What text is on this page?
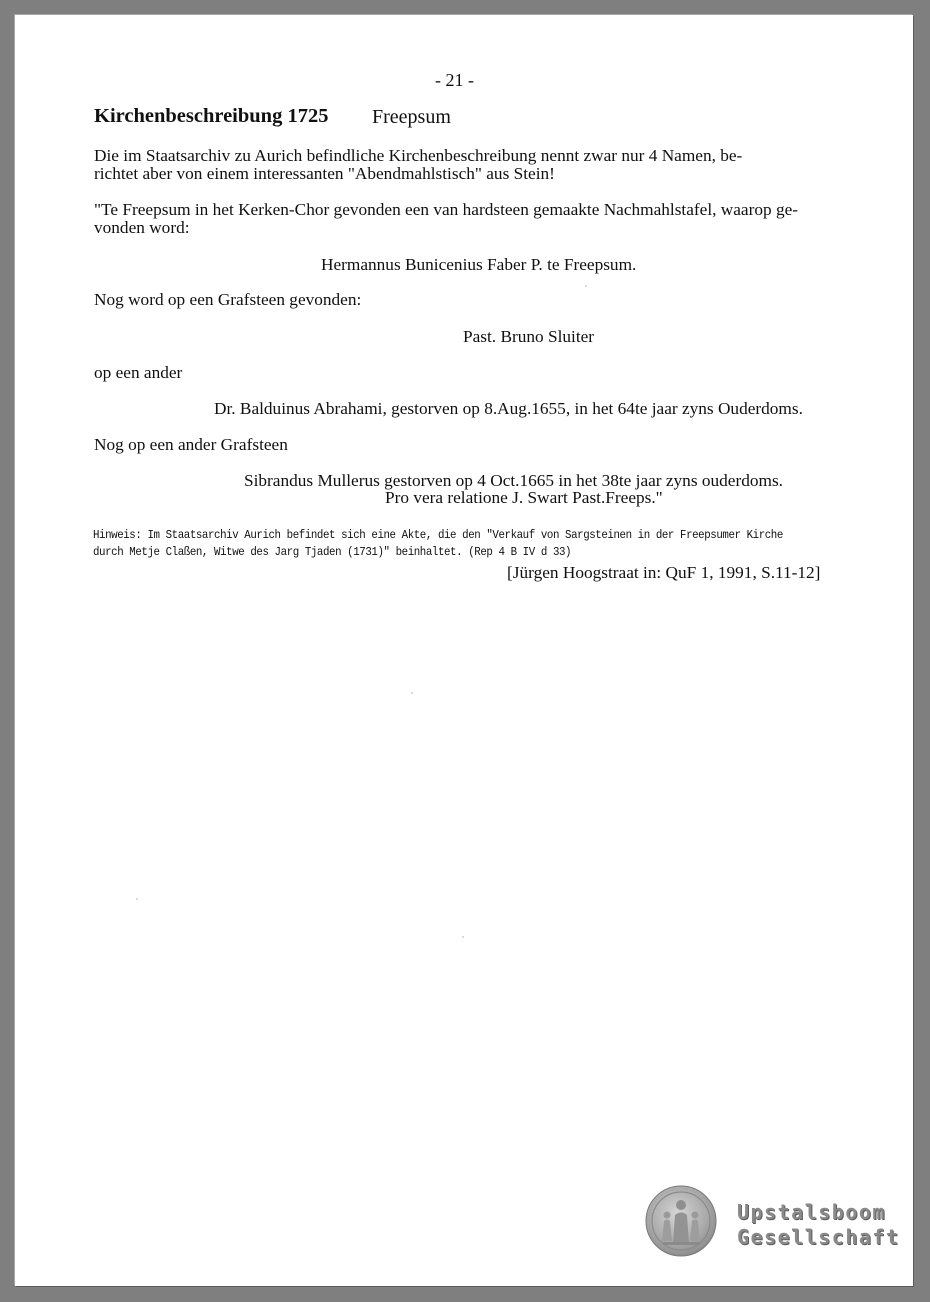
- 21 -
Kirchenbeschreibung 1725 Freepsum
Die im Staatsarchiv zu Aurich befindliche Kirchenbeschreibung nennt zwar nur 4 Namen, be-
richtet aber von einem interessanten "Abendmahlstisch" aus Stein!
"Te Freepsum in het Kerken-Chor gevonden een van hardsteen gemaakte Nachmahlstafel, waarop ge-
vonden word:
Hermannus Bunicenius Faber P. te Freepsum.
Nog word op een Grafsteen gevonden:
Past. Bruno Sluiter
op een ander
Dr. Balduinus Abrahami, gestorven op 8.Aug.1655, in het 64te jaar zyns Ouderdoms.
Nog op een ander Grafsteen
Sibrandus Mullerus gestorven op 4 Oct.1665 in het 38te jaar zyns ouderdoms.
Pro vera relatione J. Swart Past.Freeps."
Hinweis: Im Staatsarchiv Aurich befindet sich eine Akte, die den "Verkauf von Sargsteinen in der Freepsumer Kirche
durch Metje Claßen, Witwe des Jarg Tjaden (1731)" beinhaltet. (Rep 4 B IV d 33)
[Jürgen Hoogstraat in: QuF 1, 1991, S.11-12]
Upstalsboom
Gesellschaft
